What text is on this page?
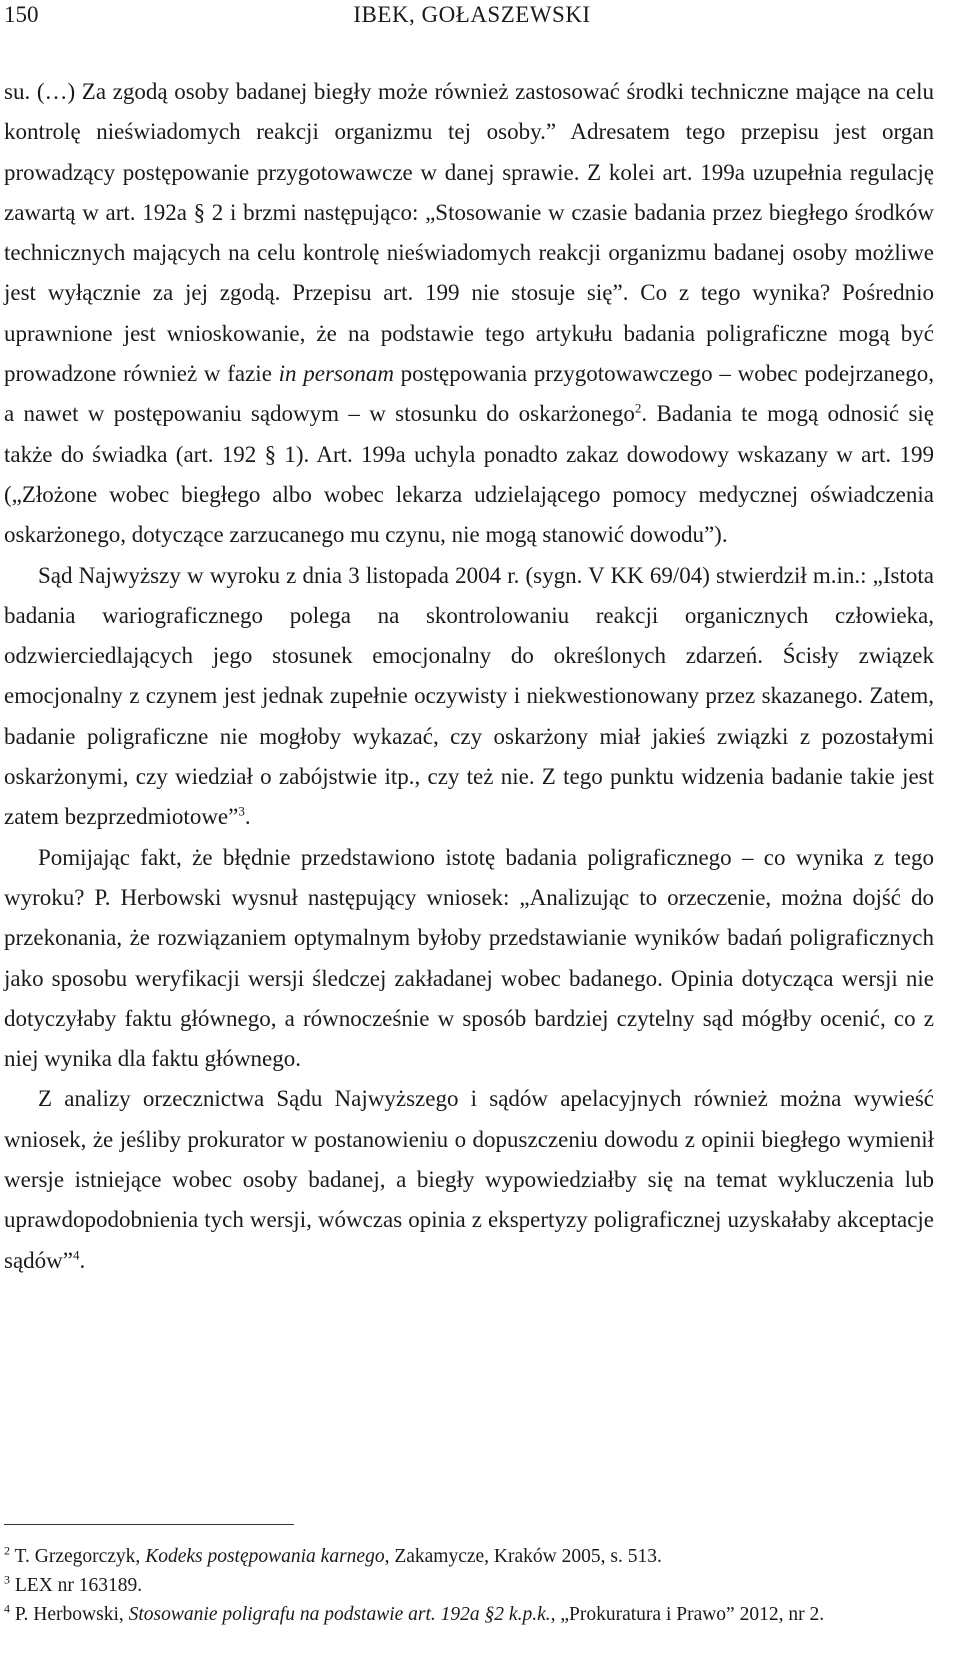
150	IBEK, GOŁASZEWSKI

su. (…) Za zgodą osoby badanej biegły może również zastosować środki techniczne mające na celu kontrolę nieświadomych reakcji organizmu tej osoby.” Adresatem tego przepisu jest organ prowadzący postępowanie przygotowawcze w danej sprawie. Z kolei art. 199a uzupełnia regulację zawartą w art. 192a § 2 i brzmi następująco: „Stosowanie w czasie badania przez biegłego środków technicznych mających na celu kontrolę nieświadomych reakcji organizmu badanej osoby możliwe jest wyłącznie za jej zgodą. Przepisu art. 199 nie stosuje się”. Co z tego wynika? Pośrednio uprawnione jest wnioskowanie, że na podstawie tego artykułu badania poligraficzne mogą być prowadzone również w fazie in personam postępowania przygotowawczego – wobec podejrzanego, a nawet w postępowaniu sądowym – w stosunku do oskarżonego$^2$. Badania te mogą odnosić się także do świadka (art. 192 § 1). Art. 199a uchyla ponadto zakaz dowodowy wskazany w art. 199 („Złożone wobec biegłego albo wobec lekarza udzielającego pomocy medycznej oświadczenia oskarżonego, dotyczące zarzucanego mu czynu, nie mogą stanowić dowodu”).

Sąd Najwyższy w wyroku z dnia 3 listopada 2004 r. (sygn. V KK 69/04) stwierdził m.in.: „Istota badania wariograficznego polega na skontrolowaniu reakcji organicznych człowieka, odzwierciedlających jego stosunek emocjonalny do określonych zdarzeń. Ścisły związek emocjonalny z czynem jest jednak zupełnie oczywisty i niekwestionowany przez skazanego. Zatem, badanie poligraficzne nie mogłoby wykazać, czy oskarżony miał jakieś związki z pozostałymi oskarżonymi, czy wiedział o zabójstwie itp., czy też nie. Z tego punktu widzenia badanie takie jest zatem bezprzedmiotowe”$^3$.

Pomijając fakt, że błędnie przedstawiono istotę badania poligraficznego – co wynika z tego wyroku? P. Herbowski wysnuł następujący wniosek: „Analizując to orzeczenie, można dojść do przekonania, że rozwiązaniem optymalnym byłoby przedstawianie wyników badań poligraficznych jako sposobu weryfikacji wersji śledczej zakładanej wobec badanego. Opinia dotycząca wersji nie dotyczyłaby faktu głównego, a równocześnie w sposób bardziej czytelny sąd mógłby ocenić, co z niej wynika dla faktu głównego.

Z analizy orzecznictwa Sądu Najwyższego i sądów apelacyjnych również można wywieść wniosek, że jeśliby prokurator w postanowieniu o dopuszczeniu dowodu z opinii biegłego wymienił wersje istniejące wobec osoby badanej, a biegły wypowiedziałby się na temat wykluczenia lub uprawdopodobnienia tych wersji, wówczas opinia z ekspertyzy poligraficznej uzyskałaby akceptacje sądów”$^4$.

$^2$ T. Grzegorczyk, Kodeks postępowania karnego, Zakamycze, Kraków 2005, s. 513.
$^3$ LEX nr 163189.
$^4$ P. Herbowski, Stosowanie poligrafu na podstawie art. 192a §2 k.p.k., „Prokuratura i Prawo” 2012, nr 2.
